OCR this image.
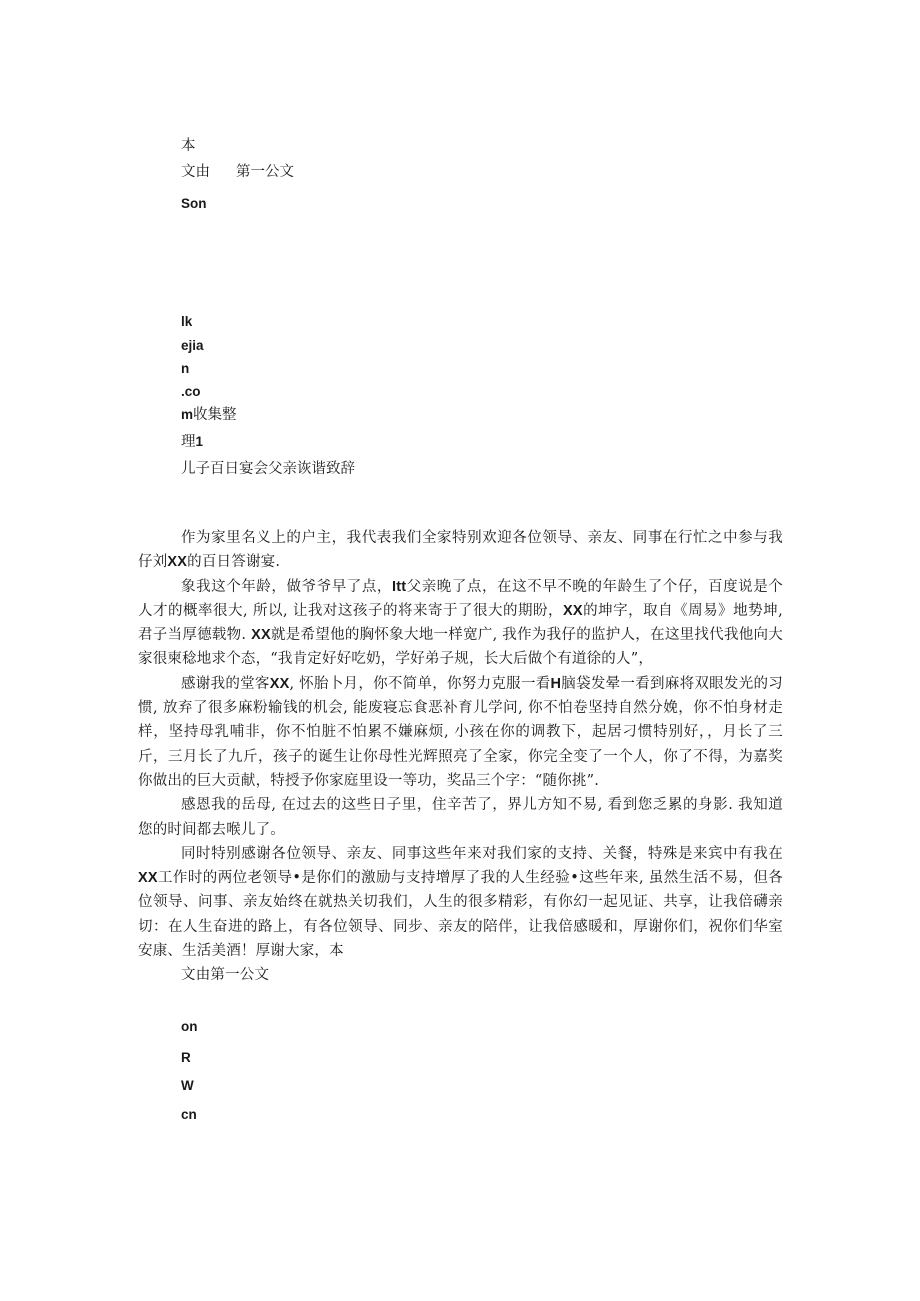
本
文由 第一公文
Son
lk
ejia
n
.co
m收集整
理1
儿子百日宴会父亲诙谐致辞

作为家里名义上的户主，我代表我们全家特别欢迎各位领导、亲友、同事在行忙之中参与我仔刘XX的百日答谢宴.

象我这个年龄，做爷爷早了点，Itt父亲晚了点，在这不早不晚的年龄生了个仔，百度说是个人才的概率很大, 所以, 让我对这孩子的将来寄于了很大的期盼，XX的坤字，取自《周易》地势坤, 君子当厚德载物. XX就是希望他的胸怀象大地一样宽广, 我作为我仔的监护人，在这里找代我他向大家很柬稔地求个态，“我肯定好好吃奶，学好弟子规，长大后做个有道徐的人”，

感谢我的堂客XX, 怀胎卜月，你不简单，你努力克服一看H脑袋发晕一看到麻将双眼发光的习惯, 放弃了很多麻粉输钱的机会, 能废寝忘食恶补育儿学问, 你不怕卷坚持自然分娩，你不怕身材走样，坚持母乳哺非，你不怕脏不怕累不嫌麻烦, 小孩在你的调教下，起居刁惯特别好，，月长了三斤，三月长了九斤，孩子的诞生让你母性光辉照亮了全家，你完全变了一个人，你了不得，为嘉奖你做出的巨大贡献，特授予你家庭里设一等功，奖品三个字：“随你挑”.

感恩我的岳母, 在过去的这些日子里，住辛苦了，界儿方知不易, 看到您乏累的身影. 我知道您的时间都去喉儿了。

同时特别感谢各位领导、亲友、同事这些年来对我们家的支持、关餐，特殊是来宾中有我在XX工作时的两位老领导•是你们的激励与支持增厚了我的人生经验•这些年来, 虽然生活不易，但各位领导、问事、亲友始终在就热关切我们，人生的很多精彩，有你幻一起见证、共享，让我倍礴亲切：在人生奋进的路上，有各位领导、同步、亲友的陪伴，让我倍感暖和，厚谢你们，祝你们华室安康、生活美酒！厚谢大家，本

文由第一公文

on
R
W
cn
